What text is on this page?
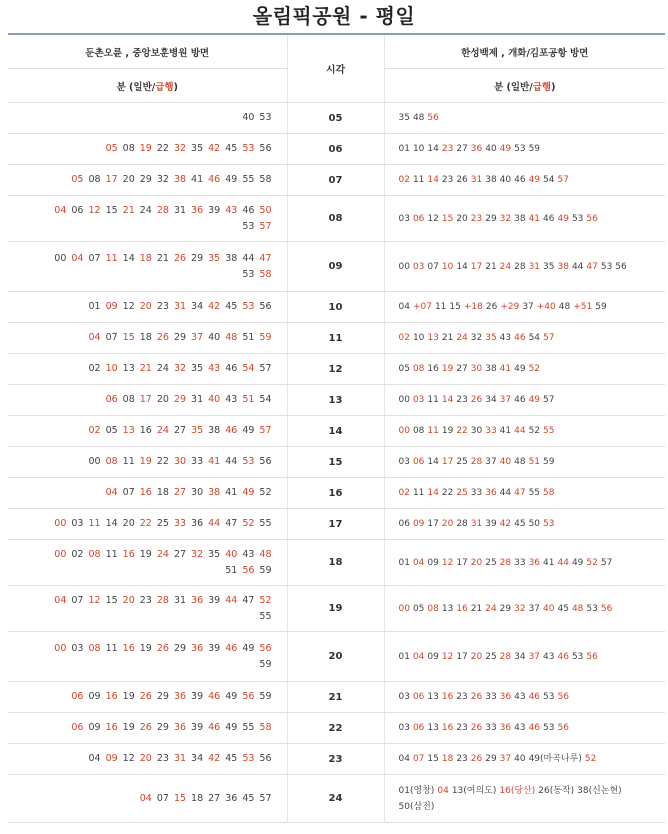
올림픽공원 - 평일
둔촌오륜 , 중앙보훈병원 방면	시각	한성백제 , 개화/김포공항 방면
분 (일반/급행)		분 (일반/급행)
40 53	05	35 48 56
05 08 19 22 32 35 42 45 53 56	06	01 10 14 23 27 36 40 49 53 59
05 08 17 20 29 32 38 41 46 49 55 58	07	02 11 14 23 26 31 38 40 46 49 54 57
04 06 12 15 21 24 28 31 36 39 43 46 50
53 57	08	03 06 12 15 20 23 29 32 38 41 46 49 53 56
00 04 07 11 14 18 21 26 29 35 38 44 47
53 58	09	00 03 07 10 14 17 21 24 28 31 35 38 44 47 53 56
01 09 12 20 23 31 34 42 45 53 56	10	04 +07 11 15 +18 26 +29 37 +40 48 +51 59
04 07 15 18 26 29 37 40 48 51 59	11	02 10 13 21 24 32 35 43 46 54 57
02 10 13 21 24 32 35 43 46 54 57	12	05 08 16 19 27 30 38 41 49 52
06 08 17 20 29 31 40 43 51 54	13	00 03 11 14 23 26 34 37 46 49 57
02 05 13 16 24 27 35 38 46 49 57	14	00 08 11 19 22 30 33 41 44 52 55
00 08 11 19 22 30 33 41 44 53 56	15	03 06 14 17 25 28 37 40 48 51 59
04 07 16 18 27 30 38 41 49 52	16	02 11 14 22 25 33 36 44 47 55 58
00 03 11 14 20 22 25 33 36 44 47 52 55	17	06 09 17 20 28 31 39 42 45 50 53
00 02 08 11 16 19 24 27 32 35 40 43 48
51 56 59	18	01 04 09 12 17 20 25 28 33 36 41 44 49 52 57
04 07 12 15 20 23 28 31 36 39 44 47 52
55	19	00 05 08 13 16 21 24 29 32 37 40 45 48 53 56
00 03 08 11 16 19 26 29 36 39 46 49 56
59	20	01 04 09 12 17 20 25 28 34 37 43 46 53 56
06 09 16 19 26 29 36 39 46 49 56 59	21	03 06 13 16 23 26 33 36 43 46 53 56
06 09 16 19 26 29 36 39 46 49 55 58	22	03 06 13 16 23 26 33 36 43 46 53 56
04 09 12 20 23 31 34 42 45 53 56	23	04 07 15 18 23 26 29 37 40 49(마곡나루) 52
04 07 15 18 27 36 45 57	24	01(영창) 04 13(여의도) 16(당산) 26(동작) 38(신논현)
50(삼전)
